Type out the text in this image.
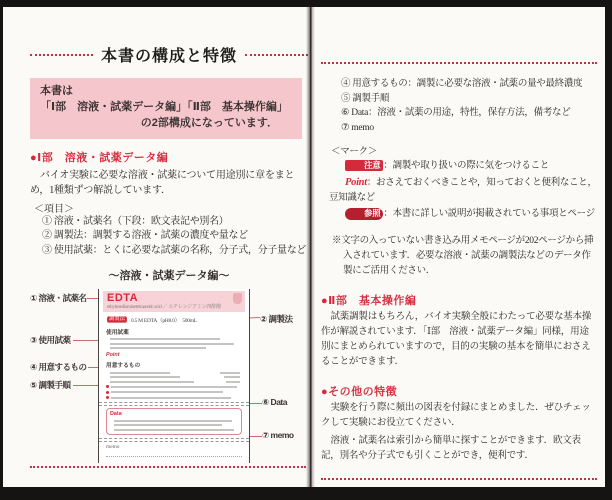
本書の構成と特徴
本書は
「Ⅰ部　溶液・試薬データ編」「Ⅱ部　基本操作編」
の2部構成になっています．
●Ⅰ部　溶液・試薬データ編
バイオ実験に必要な溶液・試薬について用途別に章をまとめ，1種類ずつ解説しています．
＜項目＞
① 溶液・試薬名（下段：欧文表記や別名）
② 調製法：調製する溶液・試薬の濃度や量など
③ 使用試薬：とくに必要な試薬の名称，分子式，分子量など
～溶液・試薬データ編～
① 溶液・試薬名
③ 使用試薬
④ 用意するもの
⑤ 調製手順
② 調製法
⑥ Data
⑦ memo
EDTA
ethylenediaminetetraacetic acid ／ エチレンジアミン四酢酸
調製法 0.5 M EDTA（pH8.0）　500mL
使用試薬
Point
用意するもの
Data
memo
④ 用意するもの：調製に必要な溶液・試薬の量や最終濃度
⑤ 調製手順
⑥ Data：溶液・試薬の用途，特性，保存方法，備考など
⑦ memo
＜マーク＞
注意 ：調製や取り扱いの際に気をつけること
Point：おさえておくべきことや，知っておくと便利なこと，豆知識など
参照 ：本書に詳しい説明が掲載されている事項とページ
※文字の入っていない書き込み用メモページが202ページから挿入されています．必要な溶液・試薬の調製法などのデータ作製にご活用ください．
●Ⅱ部　基本操作編
試薬調製はもちろん，バイオ実験全般にわたって必要な基本操作が解説されています．「Ⅰ部　溶液・試薬データ編」同様，用途別にまとめられていますので，目的の実験の基本を簡単におさえることができます．
●その他の特徴
実験を行う際に頻出の図表を付録にまとめました．ぜひチェックして実験にお役立てください．
溶液・試薬名は索引から簡単に探すことができます．欧文表記，別名や分子式でも引くことができ，便利です．
